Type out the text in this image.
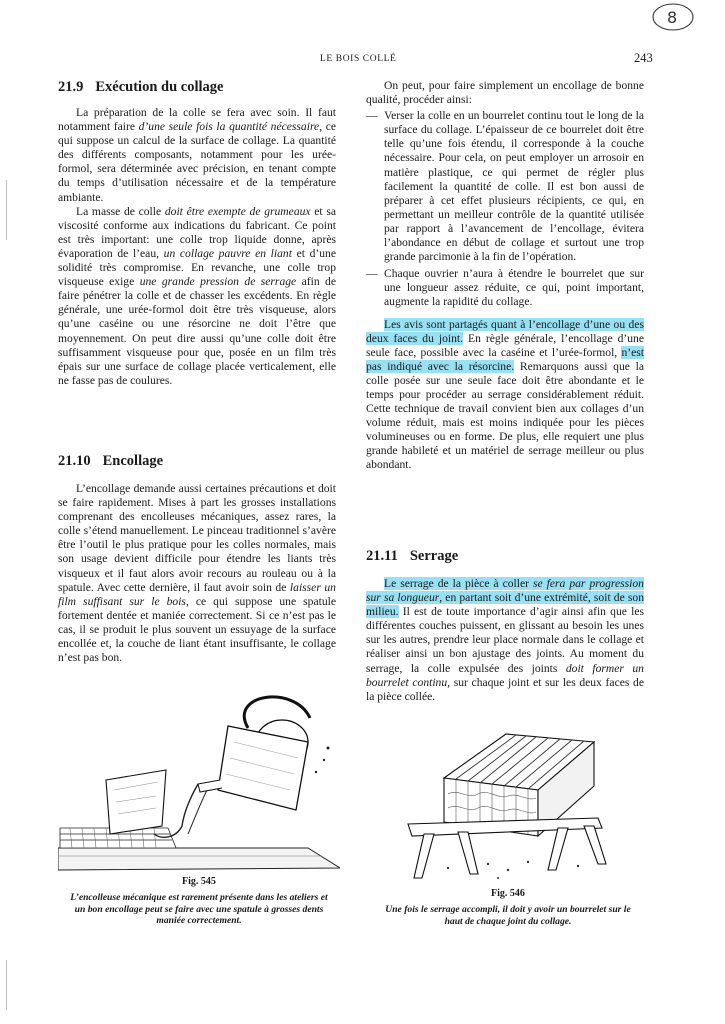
8
LE BOIS COLLÉ	243
21.9 Exécution du collage

La préparation de la colle se fera avec soin. Il faut notamment faire d’une seule fois la quantité nécessaire, ce qui suppose un calcul de la surface de collage. La quantité des différents composants, notamment pour les urée-formol, sera déterminée avec précision, en tenant compte du temps d’utilisation nécessaire et de la température ambiante.

La masse de colle doit être exempte de grumeaux et sa viscosité conforme aux indications du fabricant. Ce point est très important: une colle trop liquide donne, après évaporation de l’eau, un collage pauvre en liant et d’une solidité très compromise. En revanche, une colle trop visqueuse exige une grande pression de serrage afin de faire pénétrer la colle et de chasser les excédents. En règle générale, une urée-formol doit être très visqueuse, alors qu’une caséine ou une résorcine ne doit l’être que moyennement. On peut dire aussi qu’une colle doit être suffisamment visqueuse pour que, posée en un film très épais sur une surface de collage placée verticalement, elle ne fasse pas de coulures.

21.10 Encollage

L’encollage demande aussi certaines précautions et doit se faire rapidement. Mises à part les grosses installations comprenant des encolleuses mécaniques, assez rares, la colle s’étend manuellement. Le pinceau traditionnel s’avère être l’outil le plus pratique pour les colles normales, mais son usage devient difficile pour étendre les liants très visqueux et il faut alors avoir recours au rouleau ou à la spatule. Avec cette dernière, il faut avoir soin de laisser un film suffisant sur le bois, ce qui suppose une spatule fortement dentée et maniée correctement. Si ce n’est pas le cas, il se produit le plus souvent un essuyage de la surface encollée et, la couche de liant étant insuffisante, le collage n’est pas bon.

Fig. 545
L’encolleuse mécanique est rarement présente dans les ateliers et un bon encollage peut se faire avec une spatule à grosses dents maniée correctement.

On peut, pour faire simplement un encollage de bonne qualité, procéder ainsi:

— Verser la colle en un bourrelet continu tout le long de la surface du collage. L’épaisseur de ce bourrelet doit être telle qu’une fois étendu, il corresponde à la couche nécessaire. Pour cela, on peut employer un arrosoir en matière plastique, ce qui permet de régler plus facilement la quantité de colle. Il est bon aussi de préparer à cet effet plusieurs récipients, ce qui, en permettant un meilleur contrôle de la quantité utilisée par rapport à l’avancement de l’encollage, évitera l’abondance en début de collage et surtout une trop grande parcimonie à la fin de l’opération.

— Chaque ouvrier n’aura à étendre le bourrelet que sur une longueur assez réduite, ce qui, point important, augmente la rapidité du collage.

Les avis sont partagés quant à l’encollage d’une ou des deux faces du joint. En règle générale, l’encollage d’une seule face, possible avec la caséine et l’urée-formol, n’est pas indiqué avec la résorcine. Remarquons aussi que la colle posée sur une seule face doit être abondante et le temps pour procéder au serrage considérablement réduit. Cette technique de travail convient bien aux collages d’un volume réduit, mais est moins indiquée pour les pièces volumineuses ou en forme. De plus, elle requiert une plus grande habileté et un matériel de serrage meilleur ou plus abondant.

21.11 Serrage

Le serrage de la pièce à coller se fera par progression sur sa longueur, en partant soit d’une extrémité, soit de son milieu. Il est de toute importance d’agir ainsi afin que les différentes couches puissent, en glissant au besoin les unes sur les autres, prendre leur place normale dans le collage et réaliser ainsi un bon ajustage des joints. Au moment du serrage, la colle expulsée des joints doit former un bourrelet continu, sur chaque joint et sur les deux faces de la pièce collée.

Fig. 546
Une fois le serrage accompli, il doit y avoir un bourrelet sur le haut de chaque joint du collage.
